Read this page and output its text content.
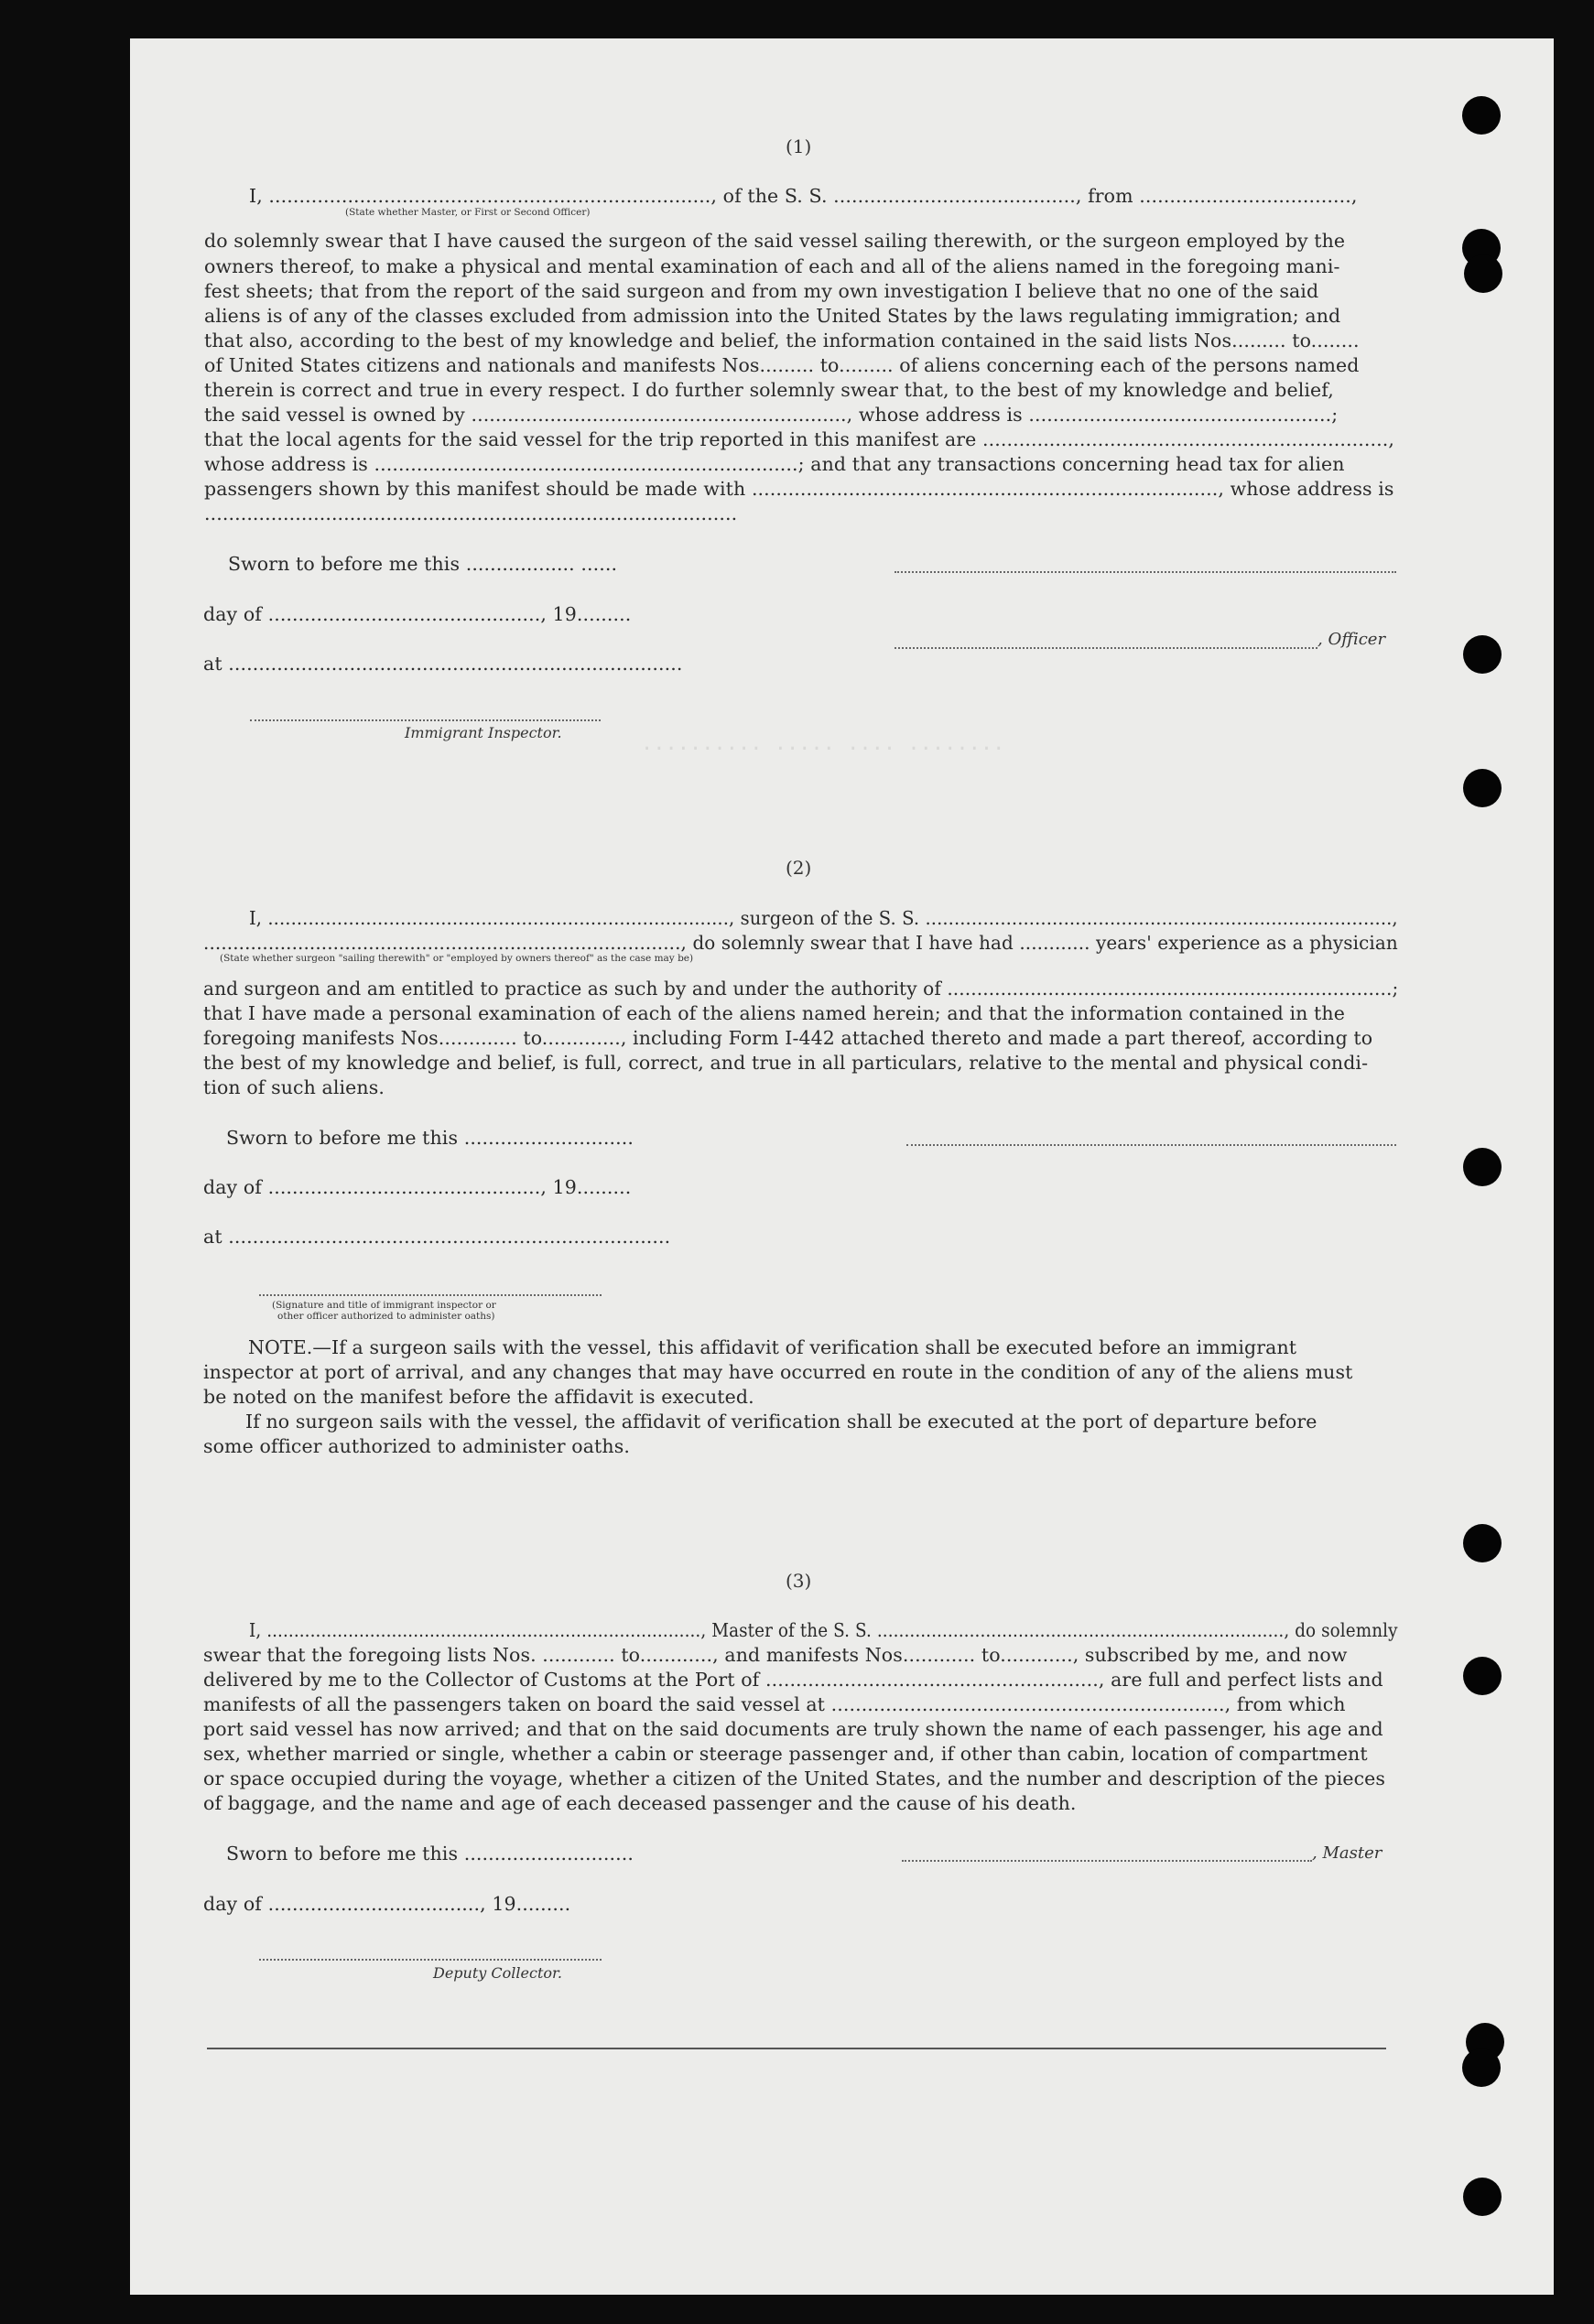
.......... ..... .... ........
(1)
I, ........................................................................., of the S. S. ........................................, from ...................................,
(State whether Master, or First or Second Officer)
do solemnly swear that I have caused the surgeon of the said vessel sailing therewith, or the surgeon employed by the
owners thereof, to make a physical and mental examination of each and all of the aliens named in the foregoing mani-
fest sheets; that from the report of the said surgeon and from my own investigation I believe that no one of the said
aliens is of any of the classes excluded from admission into the United States by the laws regulating immigration; and
that also, according to the best of my knowledge and belief, the information contained in the said lists Nos......... to........
of United States citizens and nationals and manifests Nos......... to......... of aliens concerning each of the persons named
therein is correct and true in every respect. I do further solemnly swear that, to the best of my knowledge and belief,
the said vessel is owned by .............................................................., whose address is ..................................................;
that the local agents for the said vessel for the trip reported in this manifest are ...................................................................,
whose address is ......................................................................; and that any transactions concerning head tax for alien
passengers shown by this manifest should be made with ............................................................................., whose address is
........................................................................................
Sworn to before me this .................. ......
day of ............................................., 19.........
, Officer
at ...........................................................................
Immigrant Inspector.
(2)
I, ................................................................................, surgeon of the S. S. .................................................................................,
................................................................................., do solemnly swear that I have had ............ years' experience as a physician
(State whether surgeon "sailing therewith" or "employed by owners thereof" as the case may be)
and surgeon and am entitled to practice as such by and under the authority of ...........................................................................;
that I have made a personal examination of each of the aliens named herein; and that the information contained in the
foregoing manifests Nos............. to............., including Form I-442 attached thereto and made a part thereof, according to
the best of my knowledge and belief, is full, correct, and true in all particulars, relative to the mental and physical condi-
tion of such aliens.
Sworn to before me this ............................
day of ............................................., 19.........
at .........................................................................
(Signature and title of immigrant inspector or
other officer authorized to administer oaths)
NOTE.—If a surgeon sails with the vessel, this affidavit of verification shall be executed before an immigrant
inspector at port of arrival, and any changes that may have occurred en route in the condition of any of the aliens must
be noted on the manifest before the affidavit is executed.
If no surgeon sails with the vessel, the affidavit of verification shall be executed at the port of departure before
some officer authorized to administer oaths.
(3)
I, ................................................................................, Master of the S. S. ..........................................................................., do solemnly
swear that the foregoing lists Nos. ............ to............, and manifests Nos............ to............, subscribed by me, and now
delivered by me to the Collector of Customs at the Port of ......................................................., are full and perfect lists and
manifests of all the passengers taken on board the said vessel at ................................................................., from which
port said vessel has now arrived; and that on the said documents are truly shown the name of each passenger, his age and
sex, whether married or single, whether a cabin or steerage passenger and, if other than cabin, location of compartment
or space occupied during the voyage, whether a citizen of the United States, and the number and description of the pieces
of baggage, and the name and age of each deceased passenger and the cause of his death.
Sworn to before me this ............................	, Master
day of ..................................., 19.........
Deputy Collector.
